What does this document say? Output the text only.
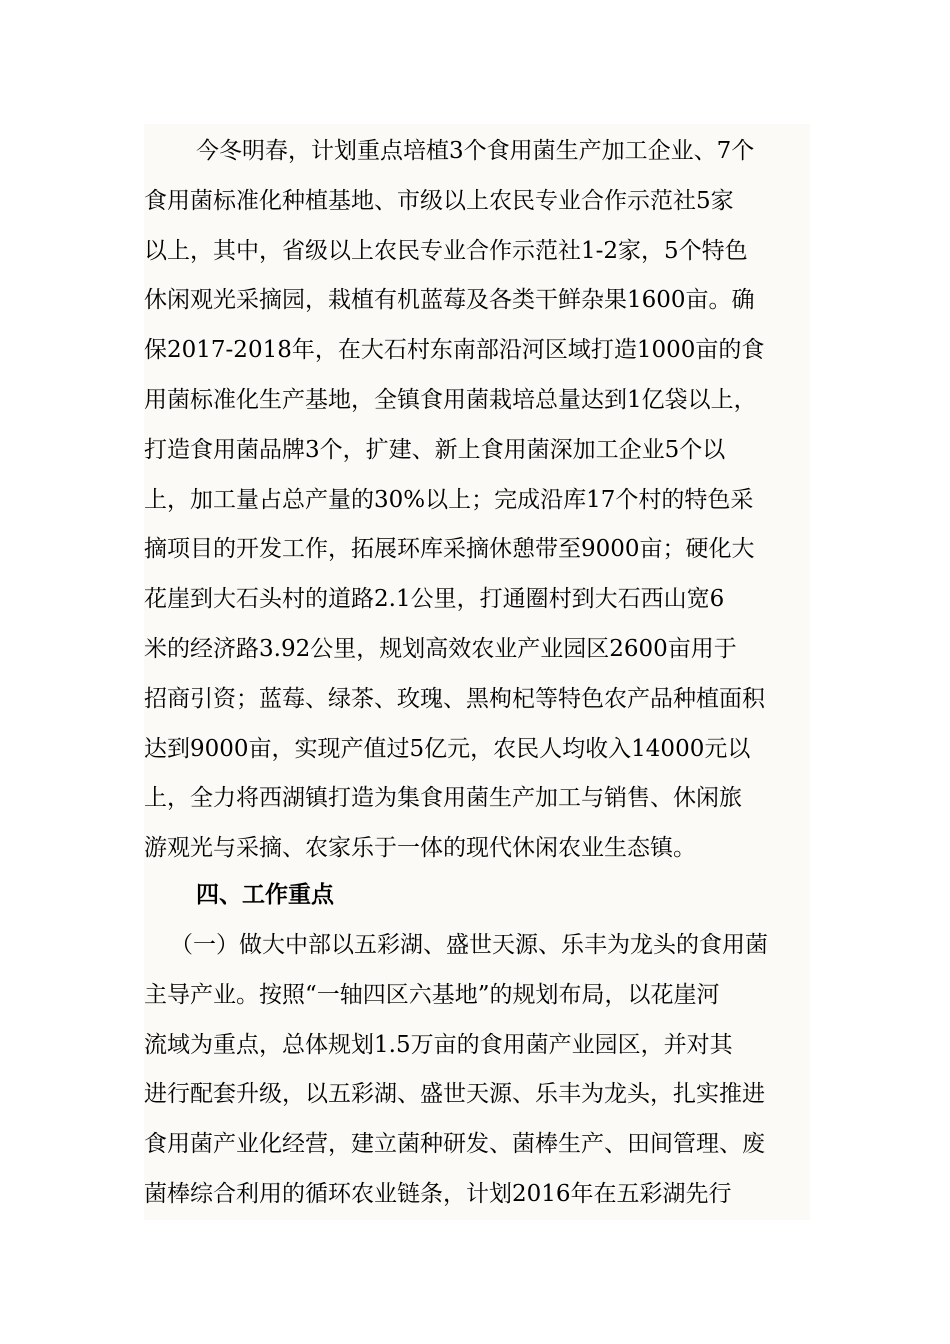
今冬明春，计划重点培植3个食用菌生产加工企业、7个
食用菌标准化种植基地、市级以上农民专业合作示范社5家
以上，其中，省级以上农民专业合作示范社1-2家，5个特色
休闲观光采摘园，栽植有机蓝莓及各类干鲜杂果1600亩。确
保2017-2018年，在大石村东南部沿河区域打造1000亩的食
用菌标准化生产基地，全镇食用菌栽培总量达到1亿袋以上，
打造食用菌品牌3个，扩建、新上食用菌深加工企业5个以
上，加工量占总产量的30%以上；完成沿库17个村的特色采
摘项目的开发工作，拓展环库采摘休憩带至9000亩；硬化大
花崖到大石头村的道路2.1公里，打通圈村到大石西山宽6
米的经济路3.92公里，规划高效农业产业园区2600亩用于
招商引资；蓝莓、绿茶、玫瑰、黑枸杞等特色农产品种植面积
达到9000亩，实现产值过5亿元，农民人均收入14000元以
上，全力将西湖镇打造为集食用菌生产加工与销售、休闲旅
游观光与采摘、农家乐于一体的现代休闲农业生态镇。
四、工作重点
（一）做大中部以五彩湖、盛世天源、乐丰为龙头的食用菌
主导产业。按照“一轴四区六基地”的规划布局，以花崖河
流域为重点，总体规划1.5万亩的食用菌产业园区，并对其
进行配套升级，以五彩湖、盛世天源、乐丰为龙头，扎实推进
食用菌产业化经营，建立菌种研发、菌棒生产、田间管理、废
菌棒综合利用的循环农业链条，计划2016年在五彩湖先行
